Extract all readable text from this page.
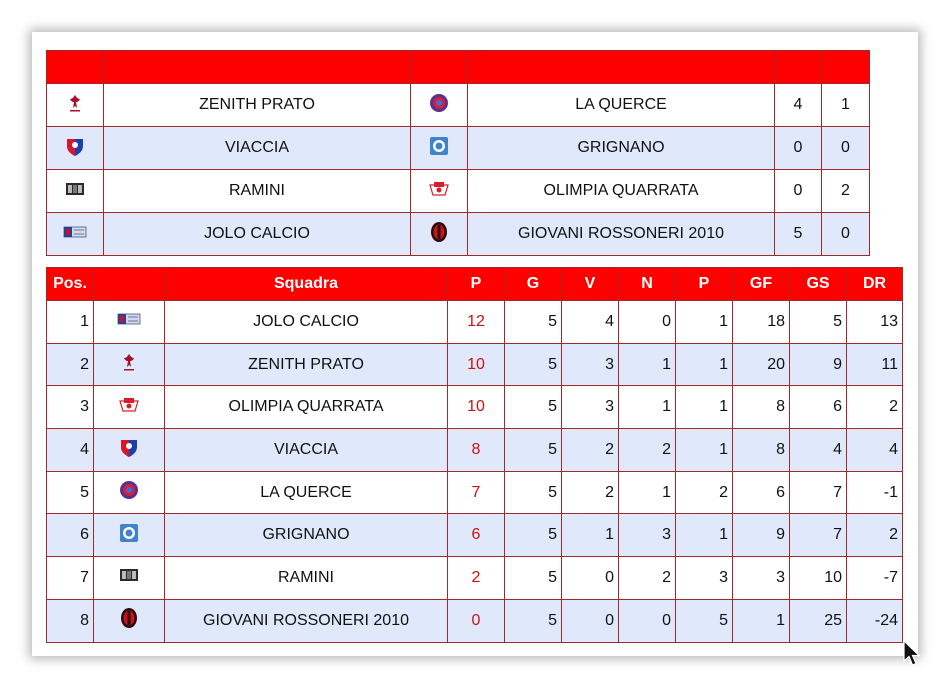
	ZENITH PRATO		LA QUERCE	4	1
	VIACCIA		GRIGNANO	0	0
	RAMINI		OLIMPIA QUARRATA	0	2
	JOLO CALCIO		GIOVANI ROSSONERI 2010	5	0
Pos.		Squadra	P	G	V	N	P	GF	GS	DR
1		JOLO CALCIO	12	5	4	0	1	18	5	13
2		ZENITH PRATO	10	5	3	1	1	20	9	11
3		OLIMPIA QUARRATA	10	5	3	1	1	8	6	2
4		VIACCIA	8	5	2	2	1	8	4	4
5		LA QUERCE	7	5	2	1	2	6	7	-1
6		GRIGNANO	6	5	1	3	1	9	7	2
7		RAMINI	2	5	0	2	3	3	10	-7
8		GIOVANI ROSSONERI 2010	0	5	0	0	5	1	25	-24
